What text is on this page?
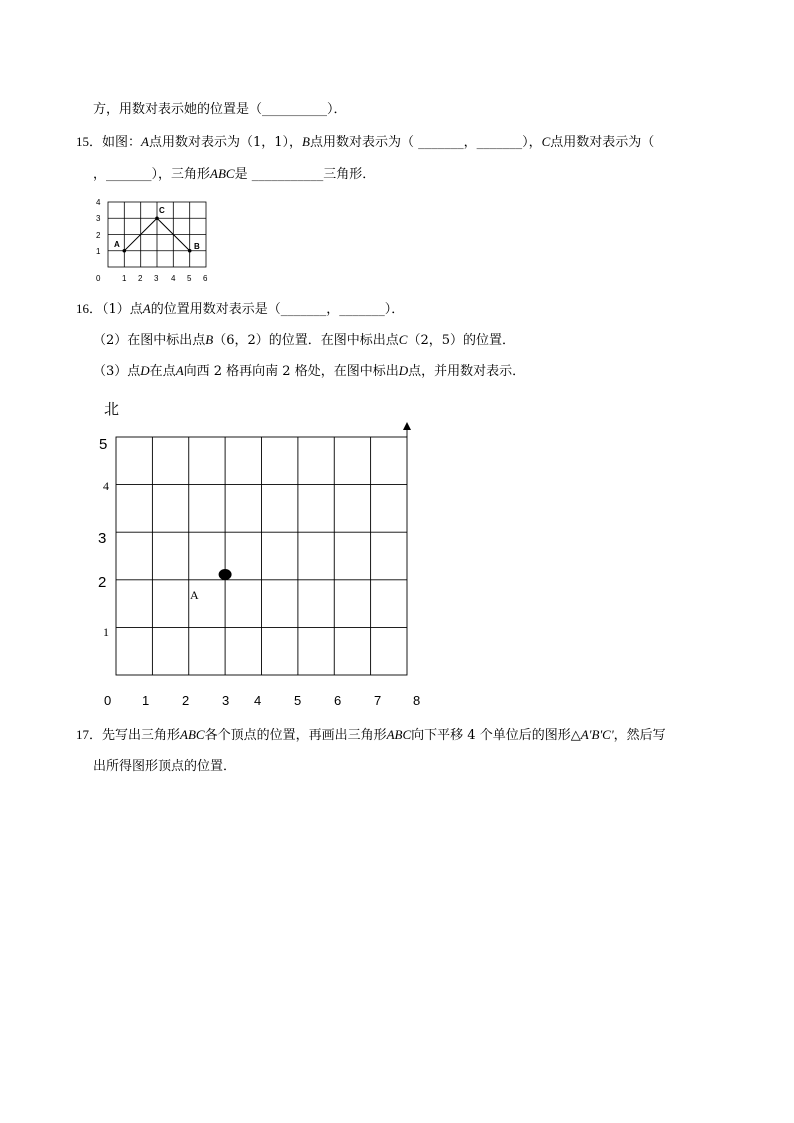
方，用数对表示她的位置是（__________）．
15．如图：A点用数对表示为（1，1），B点用数对表示为（ _______，_______），C点用数对表示为（
，_______），三角形ABC是 ___________三角形．
A
C
B
4
3
2
1
0	1 2 3 4 5 6
16．（1）点A的位置用数对表示是（_______，_______）．
（2）在图中标出点B（6，2）的位置．在图中标出点C（2，5）的位置．
（3）点D在点A向西 2 格再向南 2 格处，在图中标出D点，并用数对表示．
北
5
4
3
2
1
0 1	2	3 4	5	6	7 8
A
17．先写出三角形ABC各个顶点的位置，再画出三角形ABC向下平移 4 个单位后的图形△A'B'C'，然后写
出所得图形顶点的位置．
